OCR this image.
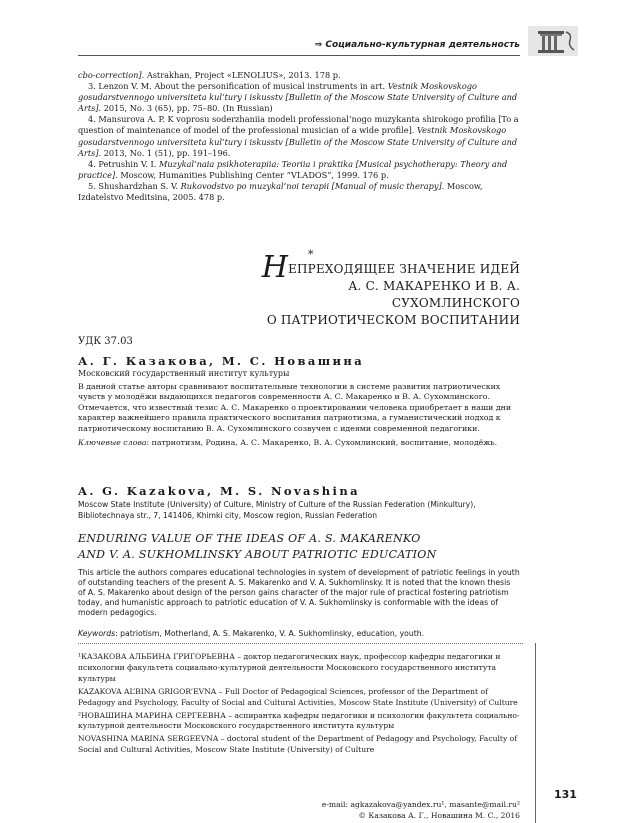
⇒ Социально-культурная деятельность

cbo-correction]. Astrakhan, Project «LENOLIUS», 2013. 178 p.

3. Lenzon V. M. About the personification of musical instruments in art. Vestnik Moskovskogo gosudarstvennogo universiteta kul’tury i iskusstv [Bulletin of the Moscow State University of Culture and Arts]. 2015, No. 3 (65), pp. 75–80. (In Russian)

4. Mansurova A. P. K voprosu soderzhaniia modeli professional’nogo muzykanta shirokogo profilia [To a question of maintenance of model of the professional musician of a wide profile]. Vestnik Moskovskogo gosudarstvennogo universiteta kul’tury i iskusstv [Bulletin of the Moscow State University of Culture and Arts]. 2013, No. 1 (51), pp. 191–196.

4. Petrushin V. I. Muzykal’naia psikhoterapiia: Teoriia i praktika [Musical psychotherapy: Theory and practice]. Moscow, Humanities Publishing Center “VLADOS”, 1999. 176 p.

5. Shushardzhan S. V. Rukovodstvo po muzykal’noi terapii [Manual of music therapy]. Moscow, Izdatelstvo Meditsina, 2005. 478 p.

*
НЕПРЕХОДЯЩЕЕ ЗНАЧЕНИЕ ИДЕЙ
А. С. МАКАРЕНКО И В. А. СУХОМЛИНСКОГО
О ПАТРИОТИЧЕСКОМ ВОСПИТАНИИ
УДК 37.03
А. Г. Казакова, М. С. Новашина
Московский государственный институт культуры

В данной статье авторы сравнивают воспитательные технологии в системе развития патриотических чувств у молодёжи выдающихся педагогов современности А. С. Макаренко и В. А. Сухомлинского. Отмечается, что известный тезис А. С. Макаренко о проектировании человека приобретает в наши дни характер важнейшего правила практического воспитания патриотизма, а гуманистический подход к патриотическому воспитанию В. А. Сухомлинского созвучен с идеями современной педагогики.

Ключевые слова: патриотизм, Родина, А. С. Макаренко, В. А. Сухомлинский, воспитание, молодёжь.

A. G. Kazakova, M. S. Novashina
Moscow State Institute (University) of Culture, Ministry of Culture of the Russian Federation (Minkultury), Bibliotechnaya str., 7, 141406, Khimki city, Moscow region, Russian Federation
ENDURING VALUE OF THE IDEAS OF A. S. MAKARENKO
AND V. A. SUKHOMLINSKY ABOUT PATRIOTIC EDUCATION

This article the authors compares educational technologies in system of development of patriotic feelings in youth of outstanding teachers of the present A. S. Makarenko and V. A. Sukhomlinsky. It is noted that the known thesis of A. S. Makarenko about design of the person gains character of the major rule of practical fostering patriotism today, and humanistic approach to patriotic education of V. A. Sukhomlinsky is conformable with the ideas of modern pedagogics.

Keywords: patriotism, Motherland, A. S. Makarenko, V. A. Sukhomlinsky, education, youth.

¹КАЗАКОВА АЛЬБИНА ГРИГОРЬЕВНА – доктор педагогических наук, профессор кафедры педагогики и психологии факультета социально-культурной деятельности Московского государственного института культуры

KAZAKOVA AL’BINA GRIGOR’EVNA – Full Doctor of Pedagogical Sciences, professor of the Department of Pedagogy and Psychology, Faculty of Social and Cultural Activities, Moscow State Institute (University) of Culture

²НОВАШИНА МАРИНА СЕРГЕЕВНА – аспирантка кафедры педагогики и психологии факультета социально-культурной деятельности Московского государственного института культуры

NOVASHINA MARINA SERGEEVNA – doctoral student of the Department of Pedagogy and Psychology, Faculty of Social and Cultural Activities, Moscow State Institute (University) of Culture

131
e-mail: agkazakova@yandex.ru¹, masante@mail.ru²
© Казакова А. Г., Новашина М. С., 2016
